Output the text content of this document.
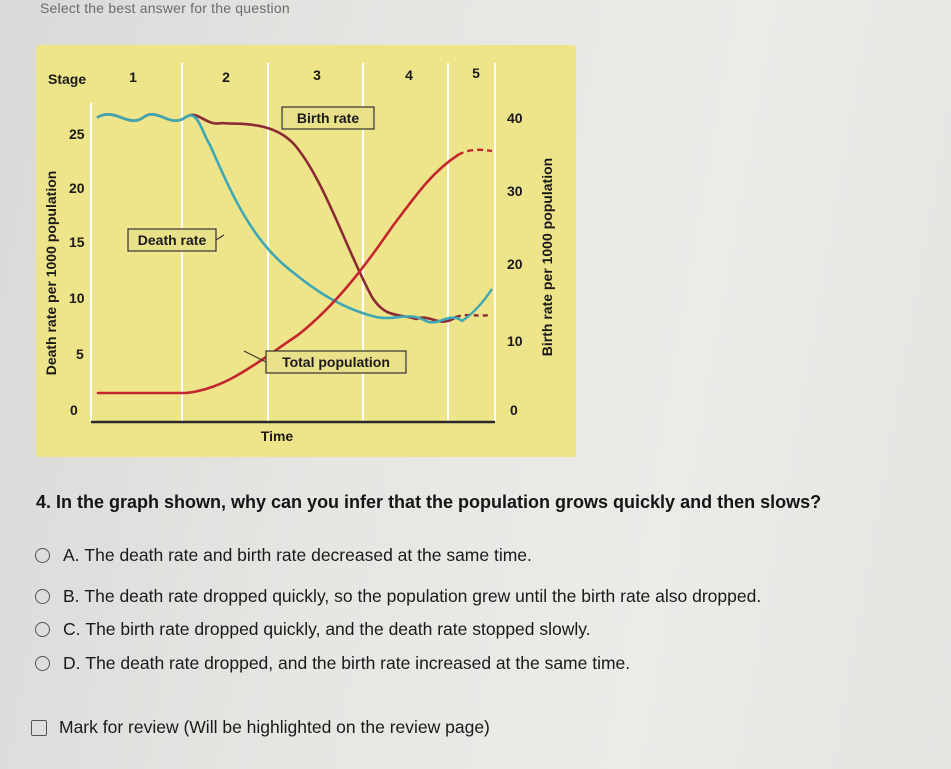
Select the best answer for the question
Stage	1	2	3	4	5
Death rate per 1000 population
25
20
15
10
5
0
Birth rate per 1000 population
40
30
20
10
0
Time
Birth rate
Death rate
Total population
4. In the graph shown, why can you infer that the population grows quickly and then slows?
A.
The death rate and birth rate decreased at the same time.
B.
The death rate dropped quickly, so the population grew until the birth rate also dropped.
C.
The birth rate dropped quickly, and the death rate stopped slowly.
D.
The death rate dropped, and the birth rate increased at the same time.
Mark for review (Will be highlighted on the review page)
